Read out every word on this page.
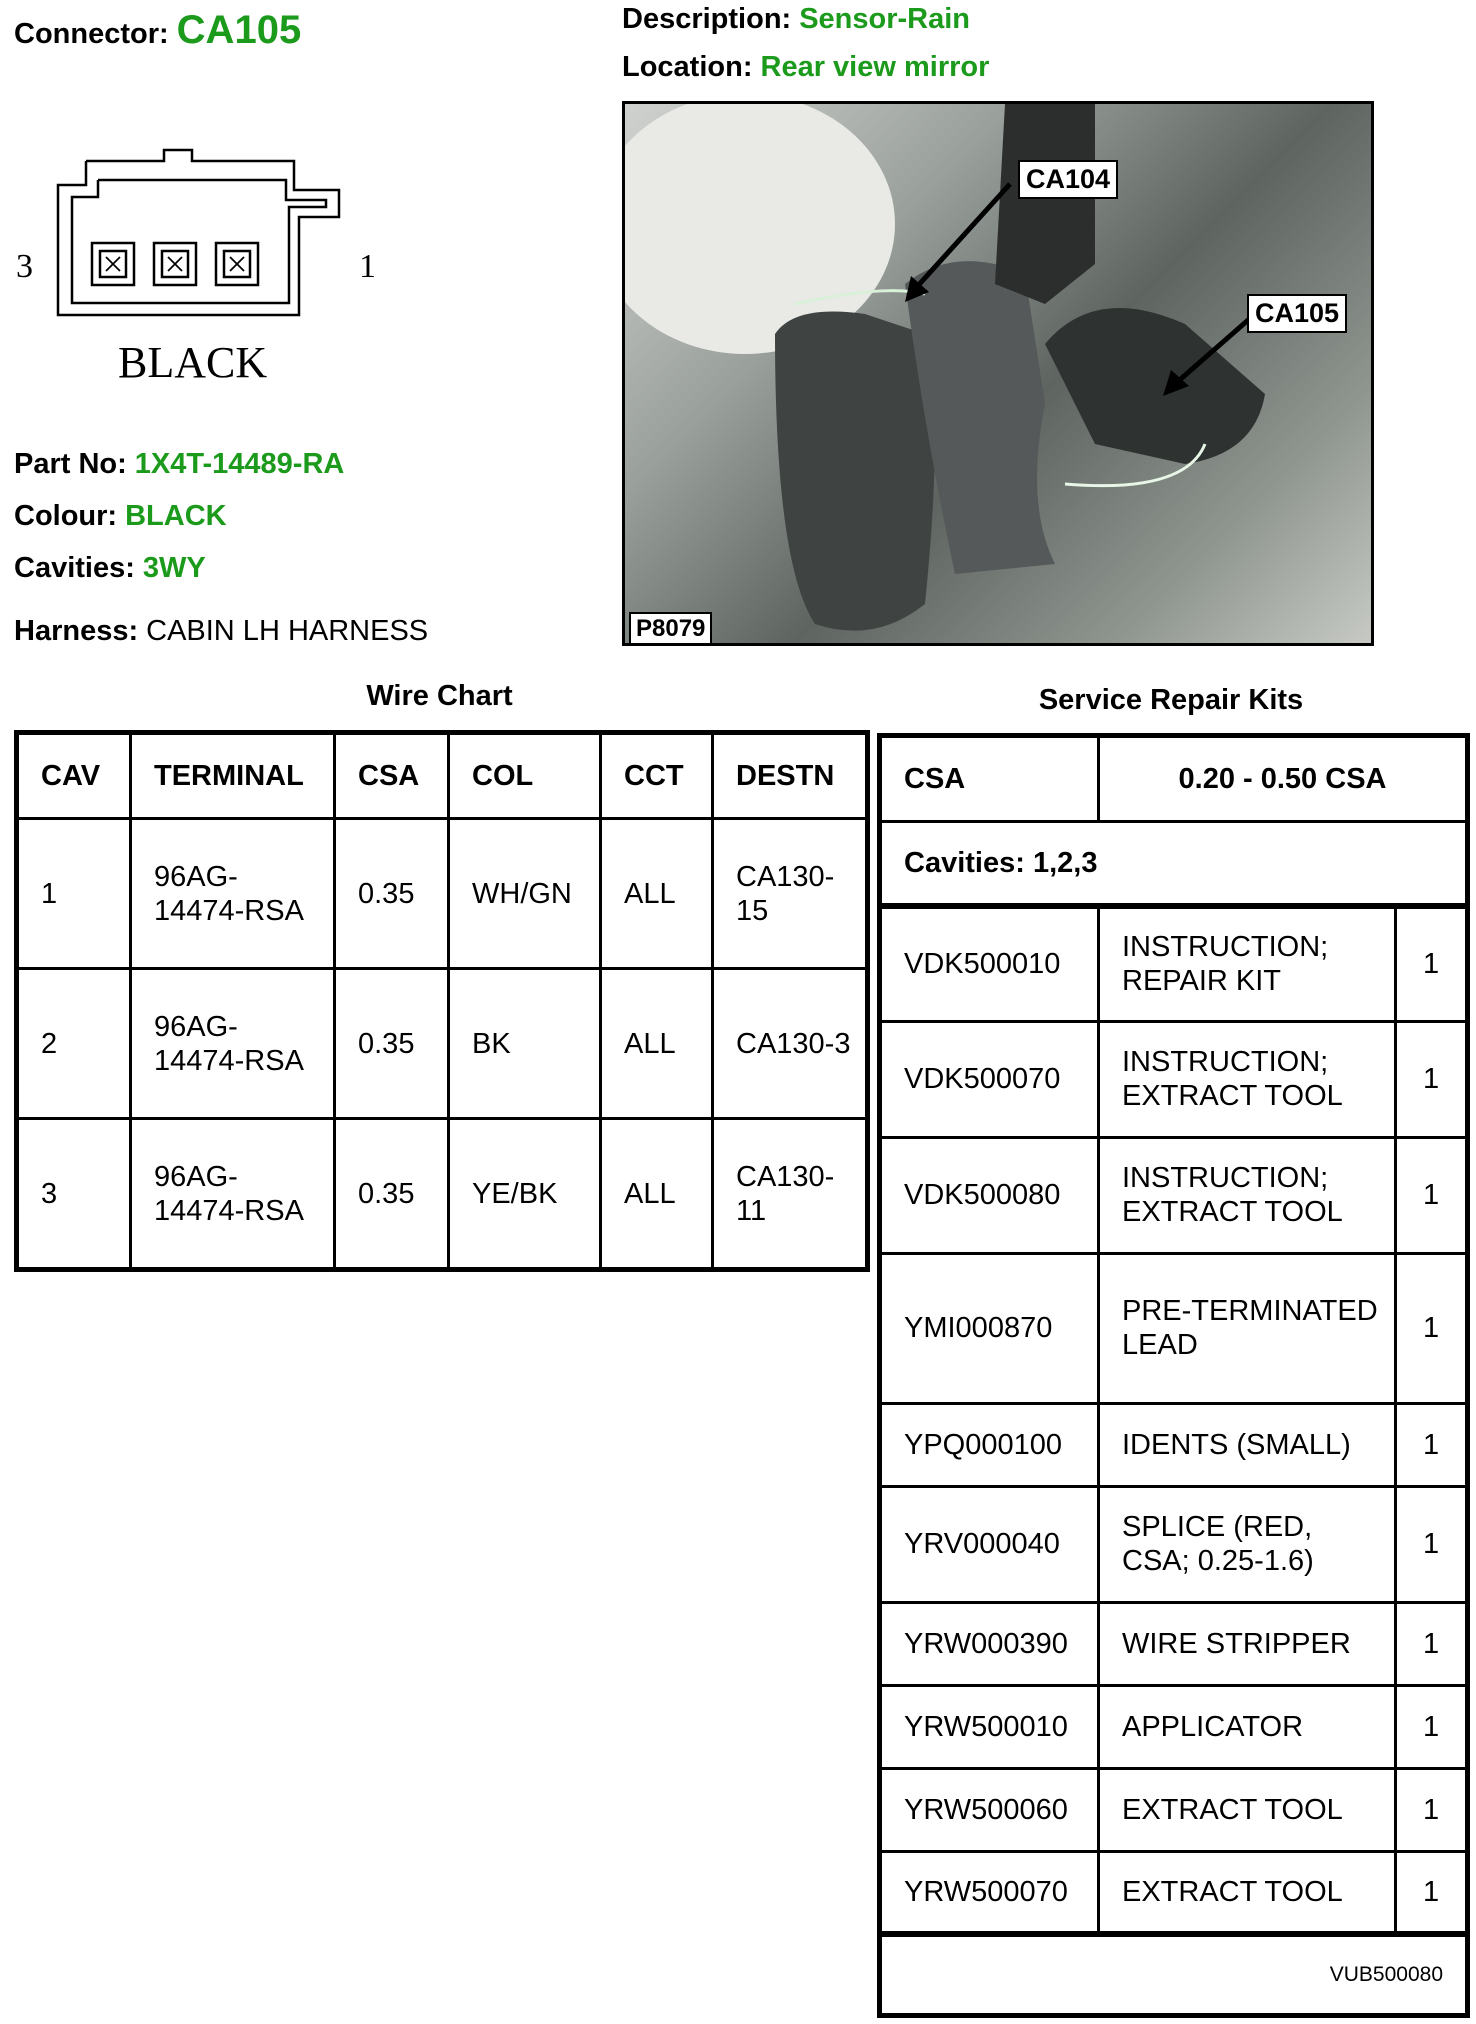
Connector: CA105	Description: Sensor-Rain
Location: Rear view mirror
3	1
BLACK
Part No: 1X4T-14489-RA
Colour: BLACK
Cavities: 3WY
Harness: CABIN LH HARNESS
CA104
CA105
P8079
Wire Chart	Service Repair Kits
CAV	TERMINAL	CSA	COL	CCT	DESTN
1	96AG-14474-RSA	0.35	WH/GN	ALL	CA130-15
2	96AG-14474-RSA	0.35	BK	ALL	CA130-3
3	96AG-14474-RSA	0.35	YE/BK	ALL	CA130-11
CSA	0.20 - 0.50 CSA	
Cavities: 1,2,3		
VDK500010	INSTRUCTION; REPAIR KIT	1
VDK500070	INSTRUCTION; EXTRACT TOOL	1
VDK500080	INSTRUCTION; EXTRACT TOOL	1
YMI000870	PRE-TERMINATED LEAD	1
YPQ000100	IDENTS (SMALL)	1
YRV000040	SPLICE (RED, CSA; 0.25-1.6)	1
YRW000390	WIRE STRIPPER	1
YRW500010	APPLICATOR	1
YRW500060	EXTRACT TOOL	1
YRW500070	EXTRACT TOOL	1
VUB500080		
